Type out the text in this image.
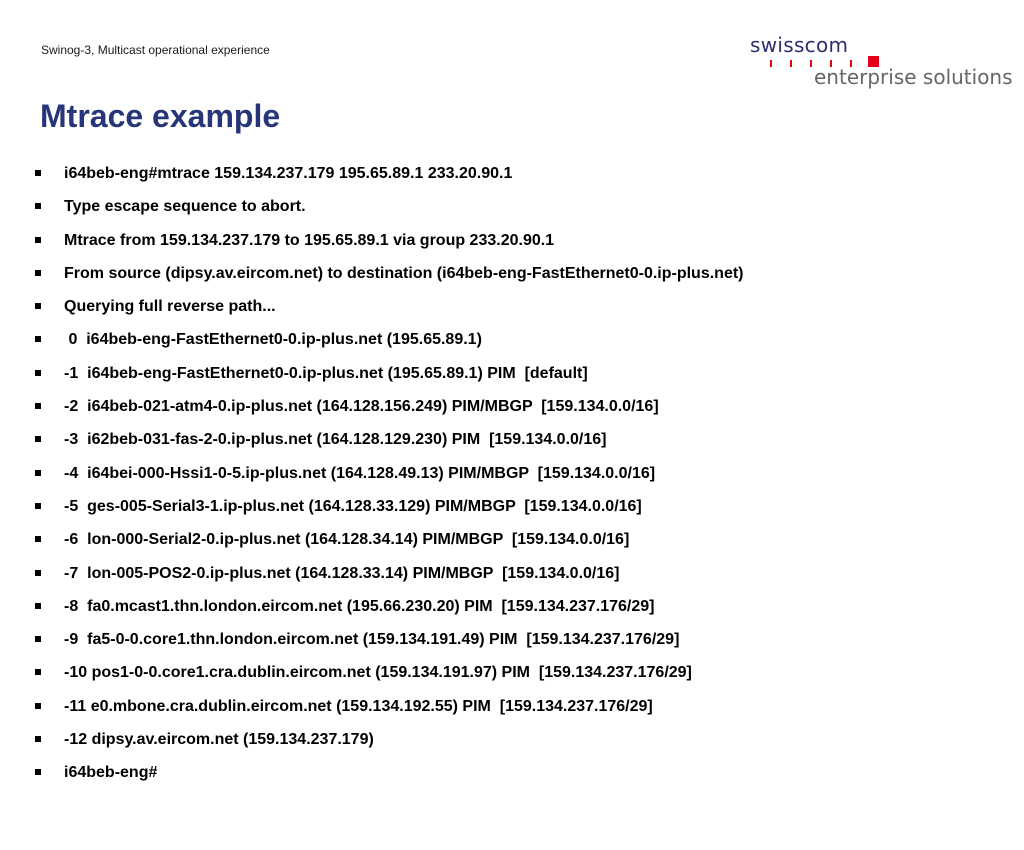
Swinog-3, Multicast operational experience	swisscom
enterprise solutions
Mtrace example

i64beb-eng#mtrace 159.134.237.179 195.65.89.1 233.20.90.1

Type escape sequence to abort.

Mtrace from 159.134.237.179 to 195.65.89.1 via group 233.20.90.1

From source (dipsy.av.eircom.net) to destination (i64beb-eng-FastEthernet0-0.ip-plus.net)

Querying full reverse path...

0  i64beb-eng-FastEthernet0-0.ip-plus.net (195.65.89.1)

-1  i64beb-eng-FastEthernet0-0.ip-plus.net (195.65.89.1) PIM  [default]

-2  i64beb-021-atm4-0.ip-plus.net (164.128.156.249) PIM/MBGP  [159.134.0.0/16]

-3  i62beb-031-fas-2-0.ip-plus.net (164.128.129.230) PIM  [159.134.0.0/16]

-4  i64bei-000-Hssi1-0-5.ip-plus.net (164.128.49.13) PIM/MBGP  [159.134.0.0/16]

-5  ges-005-Serial3-1.ip-plus.net (164.128.33.129) PIM/MBGP  [159.134.0.0/16]

-6  lon-000-Serial2-0.ip-plus.net (164.128.34.14) PIM/MBGP  [159.134.0.0/16]

-7  lon-005-POS2-0.ip-plus.net (164.128.33.14) PIM/MBGP  [159.134.0.0/16]

-8  fa0.mcast1.thn.london.eircom.net (195.66.230.20) PIM  [159.134.237.176/29]

-9  fa5-0-0.core1.thn.london.eircom.net (159.134.191.49) PIM  [159.134.237.176/29]

-10 pos1-0-0.core1.cra.dublin.eircom.net (159.134.191.97) PIM  [159.134.237.176/29]

-11 e0.mbone.cra.dublin.eircom.net (159.134.192.55) PIM  [159.134.237.176/29]

-12 dipsy.av.eircom.net (159.134.237.179)

i64beb-eng#
